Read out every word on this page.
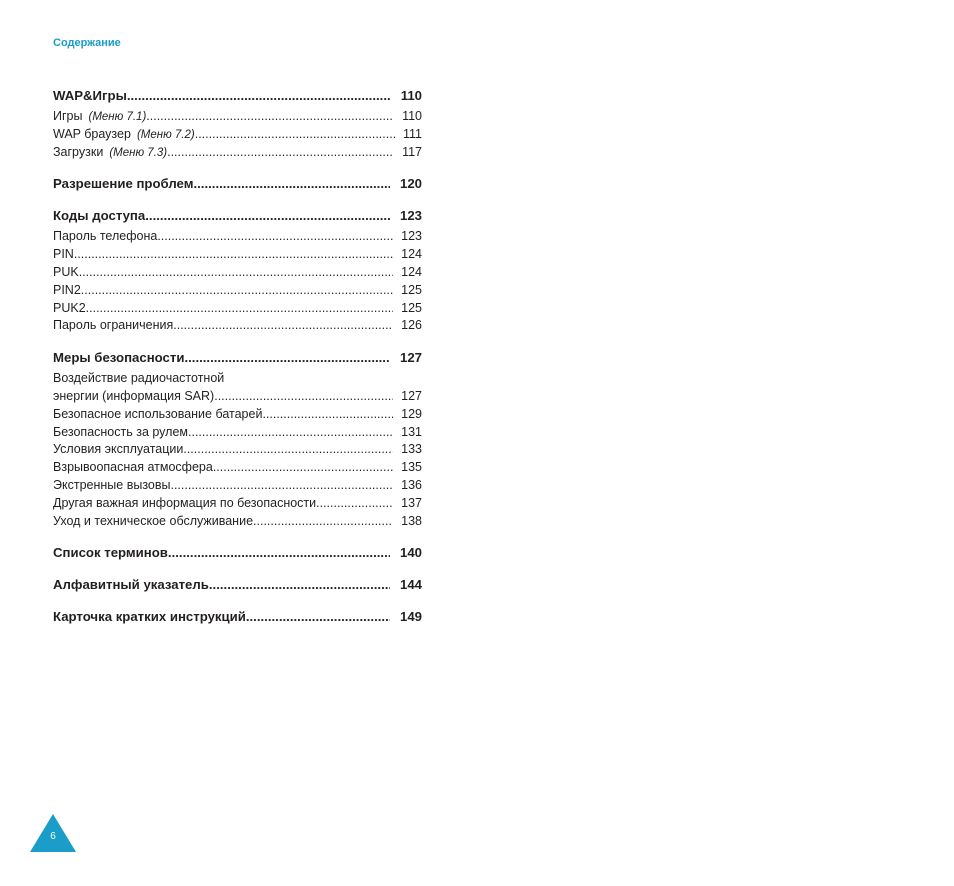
Содержание
WAP&Игры .....	110
Игры (Меню 7.1) .....	110
WAP браузер (Меню 7.2) .....	111
Загрузки (Меню 7.3) .....	117
Разрешение проблем .....	120
Коды доступа .....	123
Пароль телефона .....	123
PIN .....	124
PUK .....	124
PIN2 .....	125
PUK2 .....	125
Пароль ограничения .....	126
Меры безопасности .....	127
Воздействие радиочастотной
энергии (информация SAR) .....	127
Безопасное использование батарей .....	129
Безопасность за рулем .....	131
Условия эксплуатации .....	133
Взрывоопасная атмосфера .....	135
Экстренные вызовы .....	136
Другая важная информация по безопасности .....	137
Уход и техническое обслуживание .....	138
Список терминов .....	140
Алфавитный указатель .....	144
Карточка кратких инструкций .....	149
6
